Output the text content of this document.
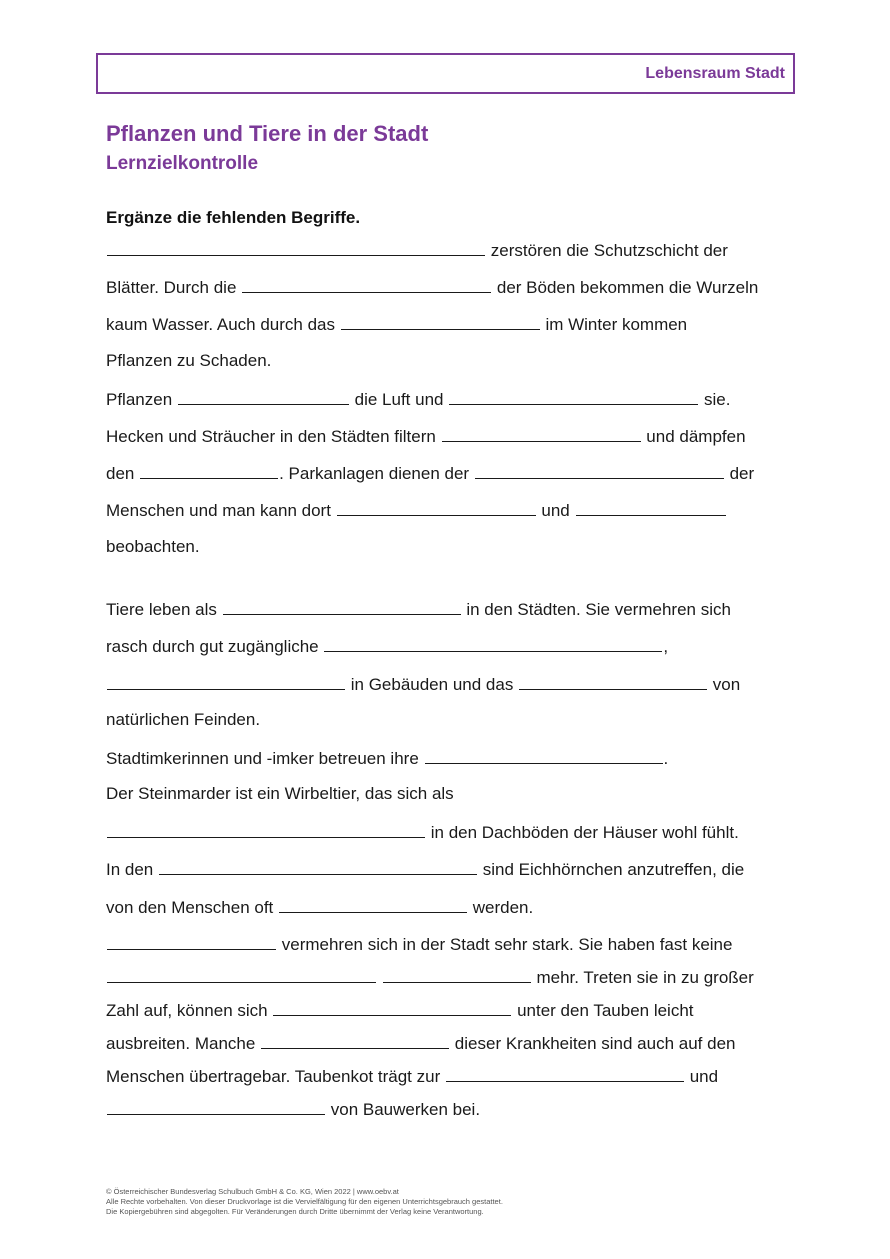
Lebensraum Stadt
Pflanzen und Tiere in der Stadt
Lernzielkontrolle
Ergänze die fehlenden Begriffe.
zerstören die Schutzschicht der
Blätter. Durch die	der Böden bekommen die Wurzeln
kaum Wasser. Auch durch das	im Winter kommen
Pflanzen zu Schaden.
Pflanzen	die Luft und	sie.
Hecken und Sträucher in den Städten filtern	und dämpfen
den	. Parkanlagen dienen der	der
Menschen und man kann dort	und
beobachten.
Tiere leben als	in den Städten. Sie vermehren sich
rasch durch gut zugängliche	,
in Gebäuden und das	von
natürlichen Feinden.
Stadtimkerinnen und -imker betreuen ihre	.
Der Steinmarder ist ein Wirbeltier, das sich als
in den Dachböden der Häuser wohl fühlt.
In den	sind Eichhörnchen anzutreffen, die
von den Menschen oft	werden.
vermehren sich in der Stadt sehr stark. Sie haben fast keine
mehr. Treten sie in zu großer
Zahl auf, können sich	unter den Tauben leicht
ausbreiten. Manche	dieser Krankheiten sind auch auf den
Menschen übertragebar. Taubenkot trägt zur	und
von Bauwerken bei.
© Österreichischer Bundesverlag Schulbuch GmbH & Co. KG, Wien 2022 | www.oebv.at
Alle Rechte vorbehalten. Von dieser Druckvorlage ist die Vervielfältigung für den eigenen Unterrichtsgebrauch gestattet.
Die Kopiergebühren sind abgegolten. Für Veränderungen durch Dritte übernimmt der Verlag keine Verantwortung.
